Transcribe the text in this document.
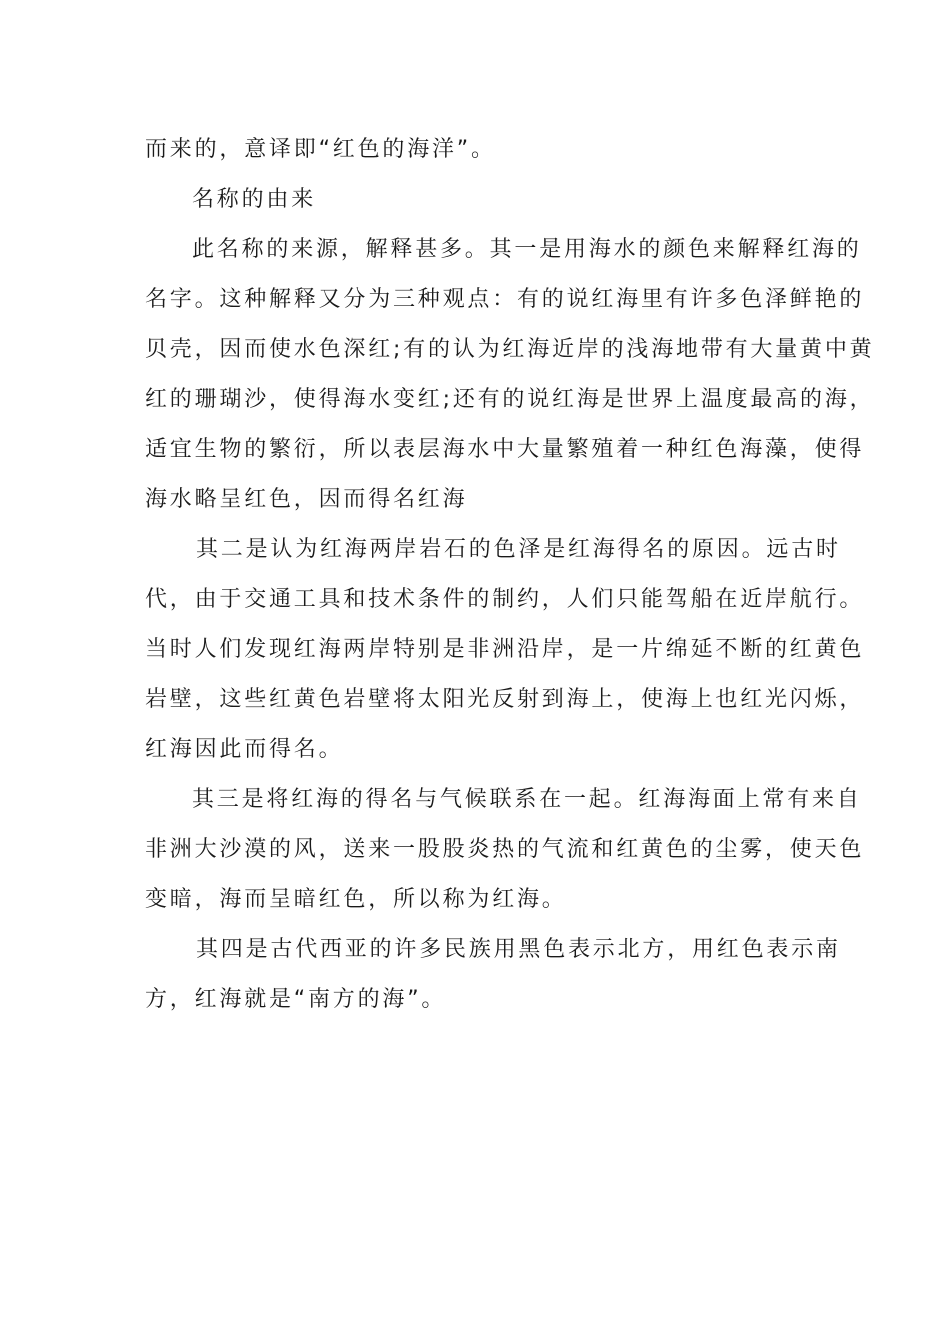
而来的，意译即“红色的海洋”。
名称的由来
此名称的来源，解释甚多。其一是用海水的颜色来解释红海的
名字。这种解释又分为三种观点：有的说红海里有许多色泽鲜艳的
贝壳，因而使水色深红;有的认为红海近岸的浅海地带有大量黄中黄
红的珊瑚沙，使得海水变红;还有的说红海是世界上温度最高的海，
适宜生物的繁衍，所以表层海水中大量繁殖着一种红色海藻，使得
海水略呈红色，因而得名红海
其二是认为红海两岸岩石的色泽是红海得名的原因。远古时
代，由于交通工具和技术条件的制约，人们只能驾船在近岸航行。
当时人们发现红海两岸特别是非洲沿岸，是一片绵延不断的红黄色
岩壁，这些红黄色岩壁将太阳光反射到海上，使海上也红光闪烁，
红海因此而得名。
其三是将红海的得名与气候联系在一起。红海海面上常有来自
非洲大沙漠的风，送来一股股炎热的气流和红黄色的尘雾，使天色
变暗，海而呈暗红色，所以称为红海。
其四是古代西亚的许多民族用黑色表示北方，用红色表示南
方，红海就是“南方的海”。
